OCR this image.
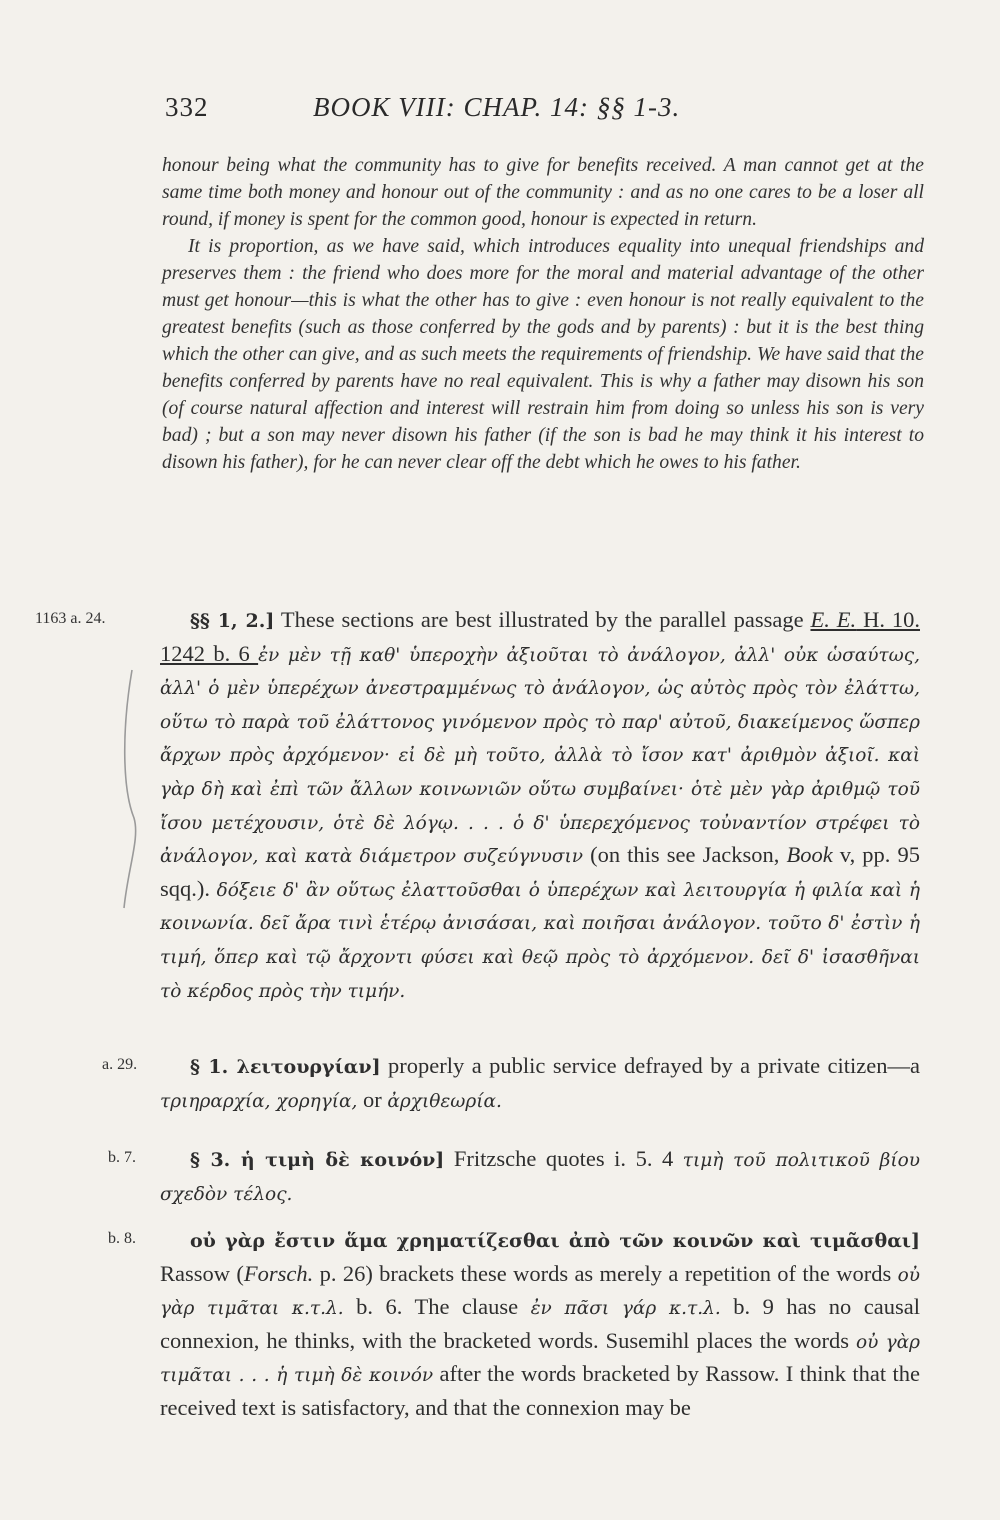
332	BOOK VIII: CHAP. 14: §§ 1-3.

honour being what the community has to give for benefits received. A man cannot get at the same time both money and honour out of the community : and as no one cares to be a loser all round, if money is spent for the common good, honour is expected in return.

It is proportion, as we have said, which introduces equality into unequal friendships and preserves them : the friend who does more for the moral and material advantage of the other must get honour—this is what the other has to give : even honour is not really equivalent to the greatest benefits (such as those conferred by the gods and by parents) : but it is the best thing which the other can give, and as such meets the requirements of friendship. We have said that the benefits conferred by parents have no real equivalent. This is why a father may disown his son (of course natural affection and interest will restrain him from doing so unless his son is very bad) ; but a son may never disown his father (if the son is bad he may think it his interest to disown his father), for he can never clear off the debt which he owes to his father.

1163 a. 24.	§§ 1, 2.] These sections are best illustrated by the parallel passage E. E. H. 10. 1242 b. 6 ἐν μὲν τῇ καθ' ὑπεροχὴν ἀξιοῦται τὸ ἀνάλογον, ἀλλ' οὐκ ὡσαύτως, ἀλλ' ὁ μὲν ὑπερέχων ἀνεστραμμένως τὸ ἀνάλογον, ὡς αὐτὸς πρὸς τὸν ἐλάττω, οὕτω τὸ παρὰ τοῦ ἐλάττονος γινόμενον πρὸς τὸ παρ' αὐτοῦ, διακείμενος ὥσπερ ἄρχων πρὸς ἀρχόμενον· εἰ δὲ μὴ τοῦτο, ἀλλὰ τὸ ἴσον κατ' ἀριθμὸν ἀξιοῖ. καὶ γὰρ δὴ καὶ ἐπὶ τῶν ἄλλων κοινωνιῶν οὕτω συμβαίνει· ὁτὲ μὲν γὰρ ἀριθμῷ τοῦ ἴσου μετέχουσιν, ὁτὲ δὲ λόγῳ. . . . ὁ δ' ὑπερεχόμενος τοὐναντίον στρέφει τὸ ἀνάλογον, καὶ κατὰ διάμετρον συζεύγνυσιν (on this see Jackson, Book v, pp. 95 sqq.). δόξειε δ' ἂν οὕτως ἐλαττοῦσθαι ὁ ὑπερέχων καὶ λειτουργία ἡ φιλία καὶ ἡ κοινωνία. δεῖ ἄρα τινὶ ἑτέρῳ ἀνισάσαι, καὶ ποιῆσαι ἀνάλογον. τοῦτο δ' ἐστὶν ἡ τιμή, ὅπερ καὶ τῷ ἄρχοντι φύσει καὶ θεῷ πρὸς τὸ ἀρχόμενον. δεῖ δ' ἰσασθῆναι τὸ κέρδος πρὸς τὴν τιμήν.
a. 29.	§ 1. λειτουργίαν] properly a public service defrayed by a private citizen—a τριηραρχία, χορηγία, or ἀρχιθεωρία.
b. 7.	§ 3. ἡ τιμὴ δὲ κοινόν] Fritzsche quotes i. 5. 4 τιμὴ τοῦ πολιτικοῦ βίου σχεδὸν τέλος.
b. 8.	οὐ γὰρ ἔστιν ἅμα χρηματίζεσθαι ἀπὸ τῶν κοινῶν καὶ τιμᾶσθαι] Rassow (Forsch. p. 26) brackets these words as merely a repetition of the words οὐ γὰρ τιμᾶται κ.τ.λ. b. 6. The clause ἐν πᾶσι γάρ κ.τ.λ. b. 9 has no causal connexion, he thinks, with the bracketed words. Susemihl places the words οὐ γὰρ τιμᾶται . . . ἡ τιμὴ δὲ κοινόν after the words bracketed by Rassow. I think that the received text is satisfactory, and that the connexion may be
